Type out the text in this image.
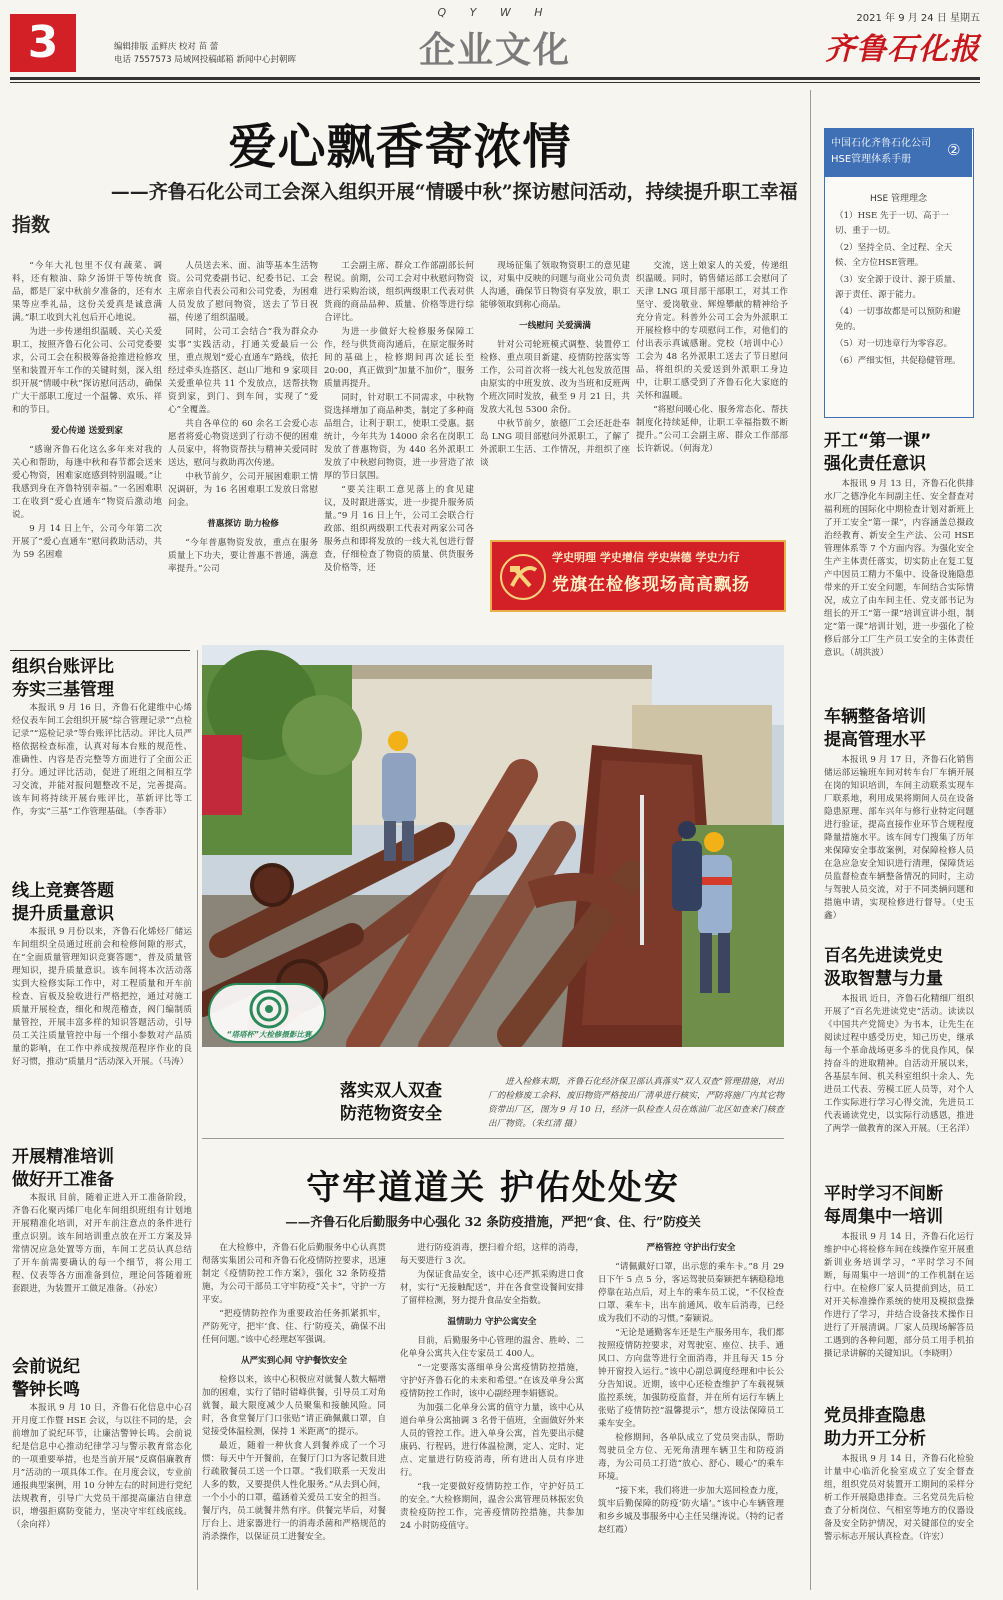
3	编辑排版 孟鲜庆 校对 苗 蕾
电话 7557573 局域网投稿邮箱 新闻中心封朝晖
Q Y W H
企业文化
2021 年 9 月 24 日 星期五
齐鲁石化报
爱心飘香寄浓情
——齐鲁石化公司工会深入组织开展“情暖中秋”探访慰问活动，持续提升职工幸福指数

“今年大礼包里不仅有蔬菜、调料，还有粮油、除夕汤饼干等传统食品，都是厂家中秋前夕准备的，还有水果等应季礼品，这份关爱真是诚意满满。”职工收到大礼包后开心地说。

为进一步传递组织温暖、关心关爱职工，按照齐鲁石化公司、公司党委要求，公司工会在积极筹备抢推进检修攻坚和装置开车工作的关键时刻，深入组织开展“情暖中秋”探访慰问活动，确保广大干部职工度过一个温馨、欢乐、祥和的节日。

爱心传递 送爱到家

“感谢齐鲁石化这么多年来对我的关心和帮助，每逢中秋和春节都会送来爱心物资，困难家庭感到特别温暖。”让我感到身在齐鲁特别幸福。”一名困难职工在收到“爱心直通车”物资后激动地说。

9 月 14 日上午，公司今年第二次开展了“爱心直通车”慰问救助活动，共为 59 名困难

人员送去米、面、油等基本生活物资。公司党委副书记、纪委书记、工会主席亲自代表公司和公司党委，为困难人员发放了慰问物资，送去了节日祝福，传递了组织温暖。

同时，公司工会结合“我为群众办实事”实践活动，打通关爱最后一公里，重点规划“爱心直通车”路线，依托经过牵头连搭区、赵山厂地和 9 家项目关爱重单位共 11 个发放点，送帮扶物资到家，到门、到车间，实现了“爱心”全覆盖。

共自各单位的 60 余名工会爱心志愿者将爱心物资送到了行动不便的困难人员家中，将物资帮扶与精神关爱同时送达，慰问与救助再次传递。

中秋节前夕，公司开展困难职工情况调研，为 16 名困难职工发放日常慰问金。

普惠探访 助力检修

“今年普惠物资发放，重点在服务质量上下功夫，要让普惠不普通，满意率提升。”公司

工会副主席、群众工作部副部长何程说。前期，公司工会对中秋慰问物资进行采购治谈，组织两级职工代表对供货商的商品品种、质量、价格等进行综合评比。

为进一步做好大检修服务保障工作，经与供货商沟通后，在原定服务时间的基础上，检修期间再次延长至 20:00，真正做到“加量不加价”，服务质量再提升。

同时，针对职工不同需求，中秋物资选择增加了商品种类，制定了多种商品组合，让利于职工，使职工受惠。据统计，今年共为 14000 余名在岗职工发放了普惠物资，为 440 名外派职工发放了中秋慰问物资，进一步营造了浓厚的节日氛围。

“要关注职工意见落上的食见建议，及时跟进落实，进一步提升服务质量。”9 月 16 日上午，公司工会联合行政部、组织两级职工代表对两家公司各服务点和即将发放的一线大礼包进行督查，仔细检查了物资的质量、供货服务及价格等，还

现场征集了领取物资职工的意见建议，对集中反映的问题与商业公司负责人沟通，确保节日物资有享发放，职工能够领取到称心商品。

一线慰问 关爱满满

针对公司轮班模式调整、装置停工检修、重点项目新建、疫情防控落实等工作，公司首次将一线大礼包发放范围由原实的中班发放、改为当班和反班两个班次同时发放，截至 9 月 21 日，共发放大礼包 5300 余份。

中秋节前夕，旅德厂工会还赶赴奉岛 LNG 项目部慰问外派职工，了解了外派职工生活、工作情况，并组织了座谈

交流，送上娘家人的关爱，传递组织温暖。同时，销售储运部工会慰问了天津 LNG 项目部干部职工，对其工作坚守、爱岗敬业、辉煌攀献的精神给予充分肯定。科普外公司工会为外派职工开展检修中的专项慰问工作，对他们的付出表示真诚感谢。党校（培训中心）工会为 48 名外派职工送去了节日慰问品，将组织的关爱送到外派职工身边中，让职工感受到了齐鲁石化大家庭的关怀和温暖。

“将慰问暖心化、服务常态化、帮扶制度化持续延伸，让职工幸福指数不断提升。”公司工会副主席、群众工作部部长许新说。（何海龙）

学史明理 学史增信 学史崇德 学史力行
党旗在检修现场高高飘扬
中国石化齐鲁石化公司
HSE管理体系手册
②
HSE 管理理念
（1）HSE 先于一切、高于一切、重于一切。
（2）坚持全员、全过程、全天候、全方位HSE管理。
（3）安全源于设计、源于质量、源于责任、源于能力。
（4）一切事故都是可以预防和避免的。
（5）对一切违章行为零容忍。
（6）严细实恒，共促稳健管理。
开工“第一课”
强化责任意识
本报讯 9 月 13 日，齐鲁石化供排水厂之德净化车间副主任、安全督查对福利班的国际化中期检查计划对新班上了开工安全“第一课”，内容涵盖总摄政治经教育、新安全生产法、公司 HSE 管理体系等 7 个方面内容。为强化安全生产主体责任落实，切实防止在复工复产中因员工精力不集中、设备设施隐患带来的开工安全问题，车间结合实际情况，成立了由车间主任、党支部书记为组长的开工“第一课”培训宣讲小组，制定“第一课”培训计划，进一步强化了检修后部分工厂生产员工安全的主体责任意识。（胡洪波）
车辆整备培训
提高管理水平
本报讯 9 月 17 日，齐鲁石化销售储运部运输班车间对转车台厂车辆开展在岗的知识培训，车间主动联系实现车厂联系地，利用成果将期间人员在设备隐患原理、部车兴年与修行业特定问题进行验证，提高直接作业环节合规程度降量措施水平。该车间专门搜集了历年来保障安全事故案例，对保障检修人员在急应急安全知识进行清理，保障货运员监督检查车辆整备情况的同时，主动与驾驶人员交流，对于不同类辆问题和措施申请，实现检修进行督导。（史玉鑫）
百名先进读党史
汲取智慧与力量
本报讯 近日，齐鲁石化精细厂组织开展了“百名先进读党史”活动。读读以《中国共产党简史》为书本，让先生在阅读过程中感受历史，知己历史，继承每一个革命战场更多斗的优良作风，保持奋斗的进取精神。自活动开展以来，各基层车间、机关科室组织十余人、先进员工代表、劳模工匠人员等，对个人工作实际进行学习心得交流，先进员工代表诵读党史，以实际行动感恩，推进了两学一做教育的深入开展。（王名洋）
平时学习不间断
每周集中一培训
本报讯 9 月 14 日，齐鲁石化运行维护中心将检修车间在线操作室开展重新训业务培训学习，“平时学习不间断，每周集中一培训”的工作机制在运行中。在检修厂家人员提前到达，员工对开关标准操作系统的使用及模拟盘操作进行了学习，并结合设备技术操作日进行了开展清调。厂家人员现场解答员工遇到的各种问题，部分员工用手机拍摄记录讲解的关键知识。（李晓明）
党员排查隐患
助力开工分析
本报讯 9 月 14 日，齐鲁石化检验计量中心临沂化验室成立了安全督查组，组织党员对装置开工期间的采样分析工作开展隐患排查。三名党员先后检查了分析岗位、气相室等地方的仪器设备及安全防护情况，对关键部位的安全警示标志开展认真检查。（许宏）
组织台账评比
夯实三基管理
本报讯 9 月 16 日，齐鲁石化建维中心烯烃仪表车间工会组织开展“综合管理记录”“点检记录”“巡检记录”等台账评比活动。评比人员严格依据检查标准，认真对每本台账的规范性、准确性、内容是否完整等方面进行了全面公正打分。通过评比活动，促进了班组之间相互学习交流，并能对报问题整改不足，完善提高。该车间将持续开展台账评比，革新评比等工作，夯实“三基”工作管理基础。（李香菲）
线上竞赛答题
提升质量意识
本报讯 9 月份以来，齐鲁石化烯烃厂储运车间组织全员通过班前会和检修间隙的形式，在“全面质量管理知识竞赛答题”，普及质量管理知识，提升质量意识。该车间将本次活动落实到大检修实际工作中，对工程质量和开车前检查、盲板及验收进行严格把控，通过对施工质量开展检查，细化和规范稽查，阀门编制质量管控，开展丰富多样的知识答题活动，引导员工关注质量管控中每一个细小参数对产品质量的影响，在工作中养成按规范程序作业的良好习惯，推动“质量月”活动深入开展。（马涛）
开展精准培训
做好开工准备
本报讯 目前，随着正进入开工准备阶段，齐鲁石化聚丙烯厂电化车间组织班组有计划地开展精准化培训，对开车前注意点的条件进行重点识别。该车间培训重点放在开工方案及异常情况应急处置等方面，车间工艺员认真总结了开车前需要确认的每一个细节，将公用工程、仪表等各方面准备到位，理论问答随着班套跟进，为装置开工做足准备。（孙宏）
会前说纪
警钟长鸣
本报讯 9 月 10 日，齐鲁石化信息中心召开月度工作暨 HSE 会议，与以往不同的是，会前增加了说纪环节，让廉洁警钟长鸣。会前说纪是信息中心推动纪律学习与警示教育常态化的一项重要举措，也是当前开展“反腐倡廉教育月”活动的一项具体工作。在月度会议，专业前通报典型案例，用 10 分钟左右的时间进行党纪法规教育，引导广大党员干部提高廉洁自律意识，增强拒腐防变能力，坚决守牢红线底线。（余向祥）
“塔塔杯”大检修摄影比赛
落实双人双查
防范物资安全
进入检修末期，齐鲁石化经济保卫部认真落实“双人双查”管理措施，对出厂的检修废工余料、废旧物资严格按出厂清单进行核实，严防将施厂内其它物资带出厂区，图为 9 月 10 日，经济一队检查人员在炼油厂北区如查来门核查出厂物资。（朱红清 摄）
守牢道道关 护佑处处安
——齐鲁石化后勤服务中心强化 32 条防疫措施，严把“食、住、行”防疫关

在大检修中，齐鲁石化后勤服务中心认真贯彻落实集团公司和齐鲁石化疫情防控要求，迅速制定《疫情防控工作方案》，强化 32 条防疫措施，为公司干部员工守牢防疫“关卡”，守护一方平安。

“把疫情防控作为重要政治任务抓紧抓牢，严防死守，把牢‘食、住、行’防疫关，确保不出任何问题。”该中心经理赵军强调。

从严实到心间 守护餐饮安全

检修以来，该中心积极应对就餐人数大幅增加的困难，实行了错时错峰供餐，引导员工对角就餐，最大限度减少人员聚集和接触风险。同时，各食堂餐厅门口张贴“请正确佩戴口罩，自觉接受体温检测，保持 1 米距离”的提示。

最近，随着一种伙食人到餐养成了一个习惯：每天中午开餐前，在餐厅门口为客记数目进行疏散餐员工送一个口罩。“我们联系一天发出人多的数，又要提供人性化服务。”从去到心间，一个小小的口罩，蕴涵着关爱员工安全的担当。餐厅内，员工就餐井然有序。供餐完毕后，对餐厅台上、进家器进行一的消毒杀菌和严格规范的消杀操作，以保证员工进餐安全。

进行防疫消毒，摆扫着介绍，这样的消毒，每天要进行 3 次。

为保证食品安全，该中心还严抓采购进口食材，实行“无接触配送”，并在各食堂设餐间安排了留样检测，努力提升食品安全指数。

温情助力 守护公寓安全

目前，后勤服务中心管理的温舍、胜岭、二化单身公寓共入住专家员工 400人。

“一定要落实落细单身公寓疫情防控措施，守护好齐鲁石化的未来和希望。”在该及单身公寓疫情防控工作时，该中心副经理李娟德说。

为加强二化单身公寓的值守力量，该中心从道台单身公寓抽调 3 名骨干值班，全面做好外来人员的管控工作。进入单身公寓，首先要出示健康码、行程码，进行体温检测，定人、定时、定点、定量进行防疫消毒，所有进出人员有序进行。

“我一定要做好疫情防控工作，守护好员工的安全。”大检修期间，温舍公寓管理员林振宏负责检疫防控工作，完善疫情防控措施，共参加 24 小时防疫值守。

严格管控 守护出行安全

“请佩戴好口罩，出示您的乘车卡。”8 月 29 日下午 5 点 5 分，客运驾驶员秦颖把车辆稳稳地停靠在站点后，对上车的乘车员工说，“不仅检查口罩、乘车卡，出车前通风、收车后消毒，已经成为我们不动的习惯。”秦颖说。

“无论是通勤客车还是生产服务用车，我们都按照疫情防控要求，对驾驶室、座位、扶手、通风口、方向盘等进行全面消毒，并且每天 15 分钟开窗投入运行。”该中心副总调度经理和中长公分告知说。近期，该中心还检查维护了车载视频监控系统，加强防疫监督，并在所有运行车辆上张贴了疫情防控“温馨提示”，想方设法保障员工乘车安全。

检修期间，各单队成立了党员突击队，帮助驾驶员全方位、无死角清理车辆卫生和防疫消毒，为公司员工打造“放心、舒心、暖心”的乘车环境。

“接下来，我们将进一步加大巡回检查力度，筑牢后勤保障的防疫‘防火墙’。”该中心车辆管理和乡乡城及事服务中心主任吴继涛说。（特约记者 赵红霞）
